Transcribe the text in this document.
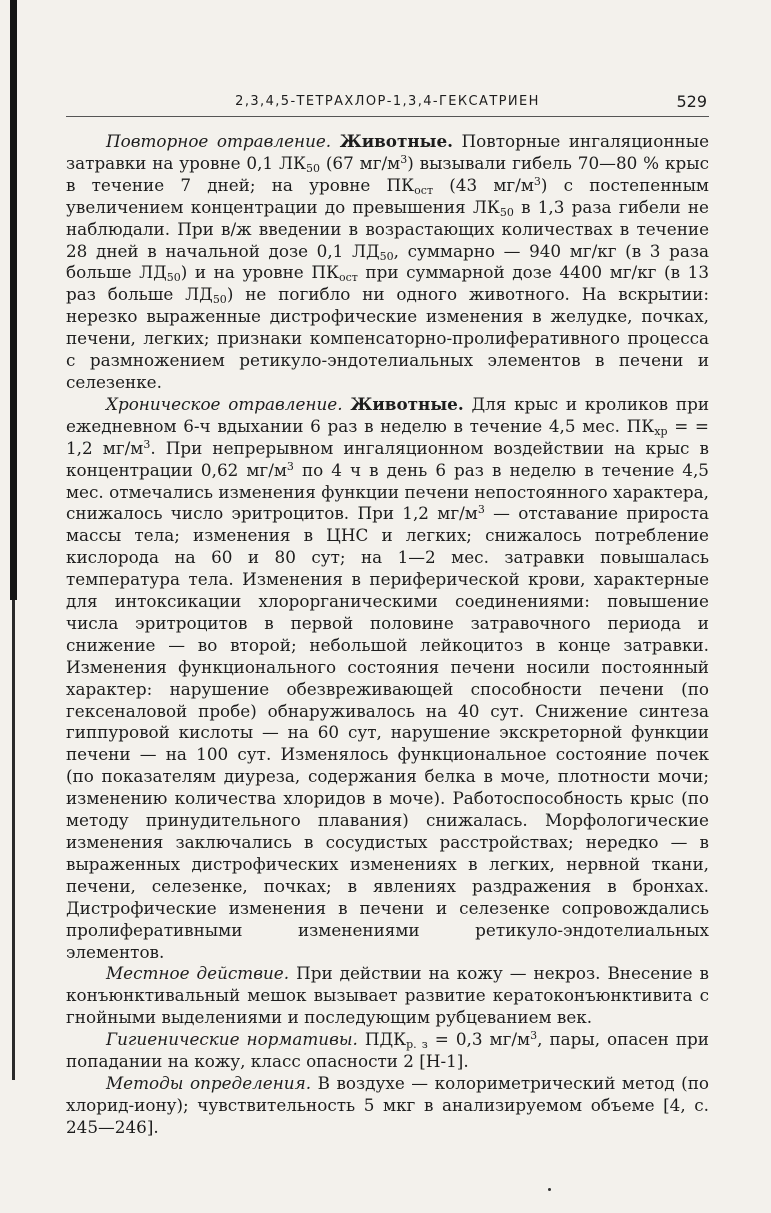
2,3,4,5-ТЕТРАХЛОР-1,3,4-ГЕКСАТРИЕН	529

Повторное отравление. Животные. Повторные ингаляционные затравки на уровне 0,1 $ЛК_{50}$ (67 $мг/м^3$) вызывали гибель 70—80 % крыс в течение 7 дней; на уровне $ПК_{ост}$ (43 $мг/м^3$) с постепенным увеличением концентрации до превышения $ЛК_{50}$ в 1,3 раза гибели не наблюдали. При в/ж введении в возрастающих количествах в течение 28 дней в начальной дозе 0,1 $ЛД_{50}$, суммарно — 940 мг/кг (в 3 раза больше $ЛД_{50}$) и на уровне $ПК_{ост}$ при суммарной дозе 4400 мг/кг (в 13 раз больше $ЛД_{50}$) не погибло ни одного животного. На вскрытии: нерезко выраженные дистрофические изменения в желудке, почках, печени, легких; признаки компенсаторно-пролиферативного процесса с размножением ретикуло-эндотелиальных элементов в печени и селезенке.

Хроническое отравление. Животные. Для крыс и кроликов при ежедневном 6-ч вдыхании 6 раз в неделю в течение 4,5 мес. $ПК_{хр}$ = = 1,2 $мг/м^3$. При непрерывном ингаляционном воздействии на крыс в концентрации 0,62 $мг/м^3$ по 4 ч в день 6 раз в неделю в течение 4,5 мес. отмечались изменения функции печени непостоянного характера, снижалось число эритроцитов. При 1,2 $мг/м^3$ — отставание прироста массы тела; изменения в ЦНС и легких; снижалось потребление кислорода на 60 и 80 сут; на 1—2 мес. затравки повышалась температура тела. Изменения в периферической крови, характерные для интоксикации хлорорганическими соединениями: повышение числа эритроцитов в первой половине затравочного периода и снижение — во второй; небольшой лейкоцитоз в конце затравки. Изменения функционального состояния печени носили постоянный характер: нарушение обезвреживающей способности печени (по гексеналовой пробе) обнаруживалось на 40 сут. Снижение синтеза гиппуровой кислоты — на 60 сут, нарушение экскреторной функции печени — на 100 сут. Изменялось функциональное состояние почек (по показателям диуреза, содержания белка в моче, плотности мочи; изменению количества хлоридов в моче). Работоспособность крыс (по методу принудительного плавания) снижалась. Морфологические изменения заключались в сосудистых расстройствах; нередко — в выраженных дистрофических изменениях в легких, нервной ткани, печени, селезенке, почках; в явлениях раздражения в бронхах. Дистрофические изменения в печени и селезенке сопровождались пролиферативными изменениями ретикуло-эндотелиальных элементов.

Местное действие. При действии на кожу — некроз. Внесение в конъюнктивальный мешок вызывает развитие кератоконъюнктивита с гнойными выделениями и последующим рубцеванием век.

Гигиенические нормативы. $ПДК_{р. з} = 0,3$ $мг/м^3$, пары, опасен при попадании на кожу, класс опасности 2 [Н-1].

Методы определения. В воздухе — колориметрический метод (по хлорид-иону); чувствительность 5 мкг в анализируемом объеме [4, с. 245—246].
